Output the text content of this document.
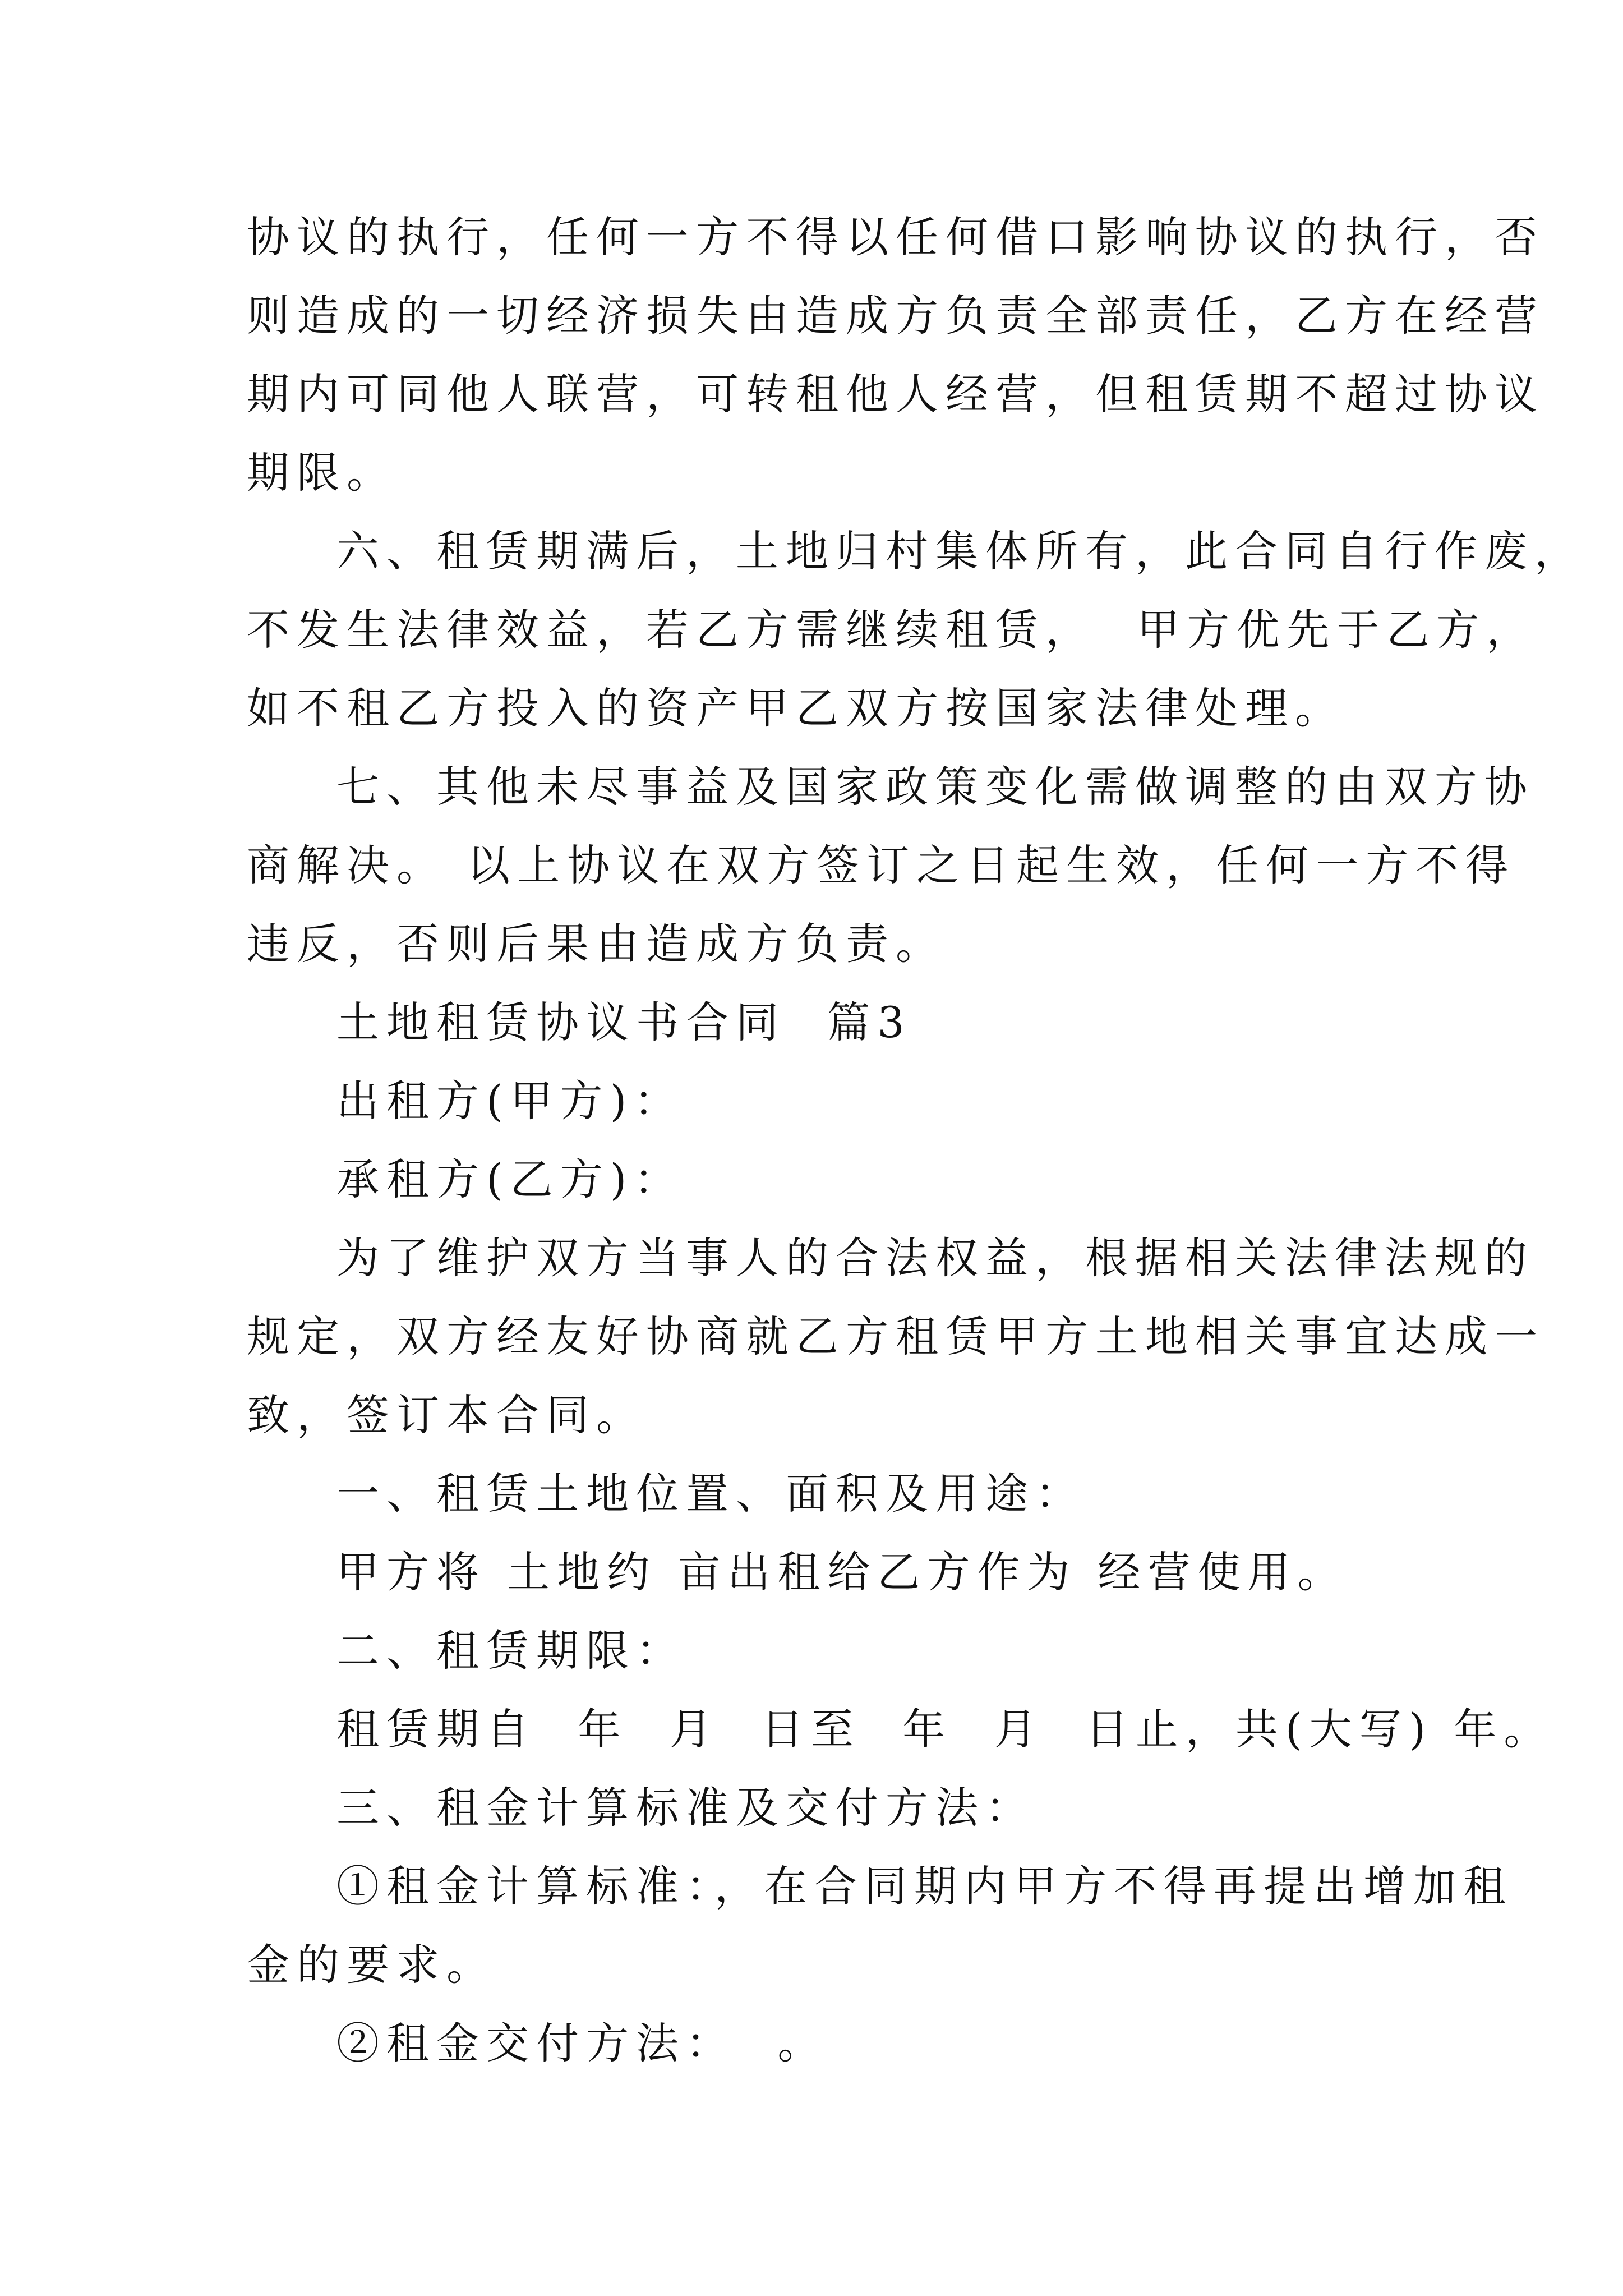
协议的执行，任何一方不得以任何借口影响协议的执行，否
则造成的一切经济损失由造成方负责全部责任，乙方在经营
期内可同他人联营，可转租他人经营，但租赁期不超过协议
期限。
六、租赁期满后，土地归村集体所有，此合同自行作废，
不发生法律效益，若乙方需继续租赁，  甲方优先于乙方，
如不租乙方投入的资产甲乙双方按国家法律处理。
七、其他未尽事益及国家政策变化需做调整的由双方协
商解决。 以上协议在双方签订之日起生效，任何一方不得
违反，否则后果由造成方负责。
土地租赁协议书合同  篇3
出租方(甲方)：
承租方(乙方)：
为了维护双方当事人的合法权益，根据相关法律法规的
规定，双方经友好协商就乙方租赁甲方土地相关事宜达成一
致，签订本合同。
一、租赁土地位置、面积及用途：
甲方将 土地约 亩出租给乙方作为 经营使用。
二、租赁期限：
租赁期自  年  月  日至  年  月  日止，共(大写) 年。
三、租金计算标准及交付方法：
①租金计算标准：，在合同期内甲方不得再提出增加租
金的要求。
②租金交付方法：  。
